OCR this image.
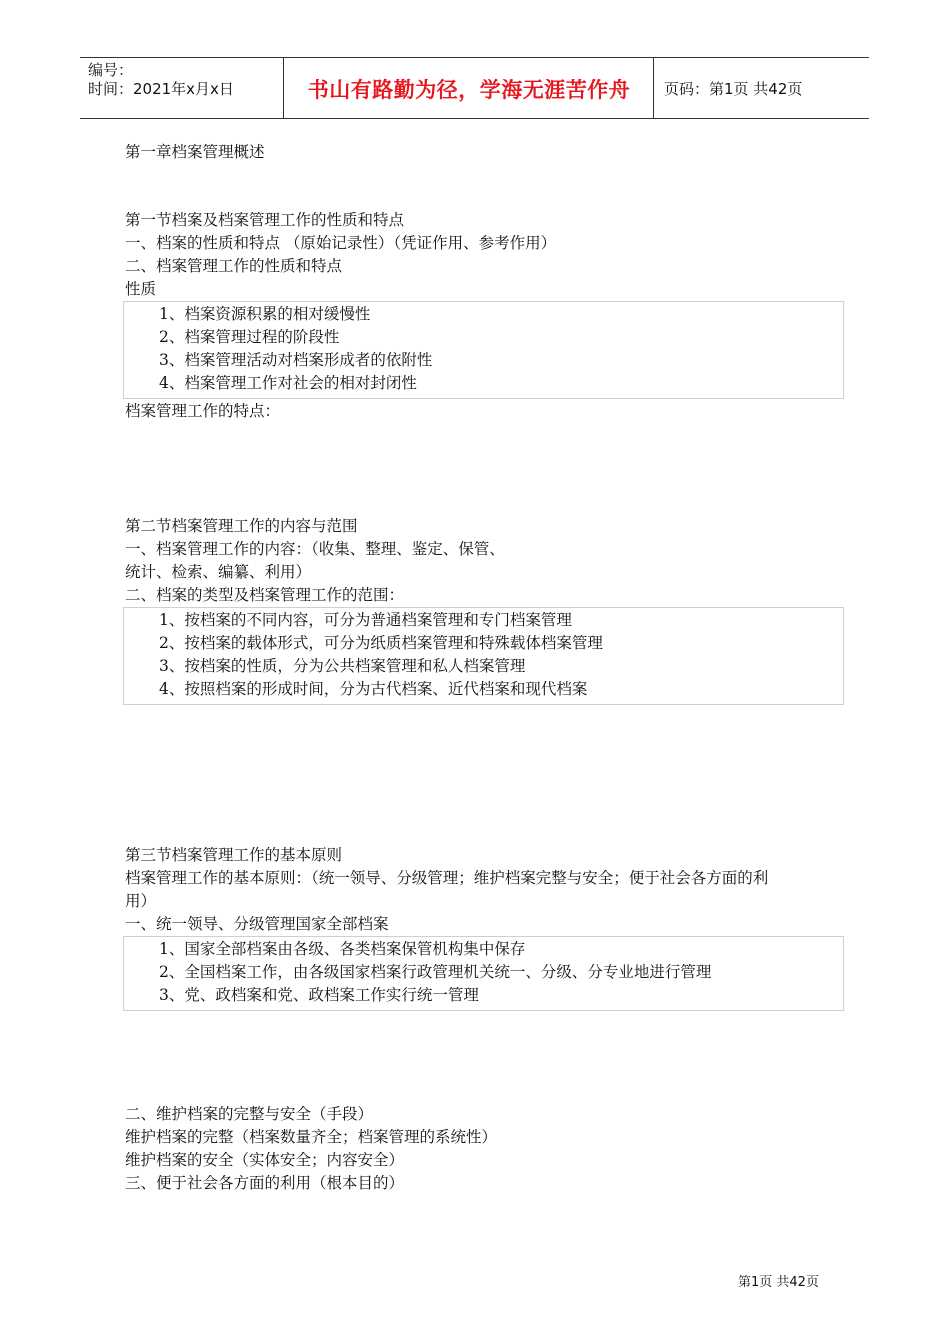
编号：
时间：2021年x月x日	书山有路勤为径，学海无涯苦作舟	页码：第1页 共42页
第一章档案管理概述
第一节档案及档案管理工作的性质和特点
一、档案的性质和特点 （原始记录性）（凭证作用、参考作用）
二、档案管理工作的性质和特点
性质
1、档案资源积累的相对缓慢性
2、档案管理过程的阶段性
3、档案管理活动对档案形成者的依附性
4、档案管理工作对社会的相对封闭性
档案管理工作的特点：
第二节档案管理工作的内容与范围
一、档案管理工作的内容：（收集、整理、鉴定、保管、
统计、检索、编纂、利用）
二、档案的类型及档案管理工作的范围：
1、按档案的不同内容，可分为普通档案管理和专门档案管理
2、按档案的载体形式，可分为纸质档案管理和特殊载体档案管理
3、按档案的性质，分为公共档案管理和私人档案管理
4、按照档案的形成时间，分为古代档案、近代档案和现代档案
第三节档案管理工作的基本原则
档案管理工作的基本原则：（统一领导、分级管理；维护档案完整与安全；便于社会各方面的利
用）
一、统一领导、分级管理国家全部档案
1、国家全部档案由各级、各类档案保管机构集中保存
2、全国档案工作，由各级国家档案行政管理机关统一、分级、分专业地进行管理
3、党、政档案和党、政档案工作实行统一管理
二、维护档案的完整与安全（手段）
维护档案的完整（档案数量齐全；档案管理的系统性）
维护档案的安全（实体安全；内容安全）
三、便于社会各方面的利用（根本目的）
第1页 共42页
